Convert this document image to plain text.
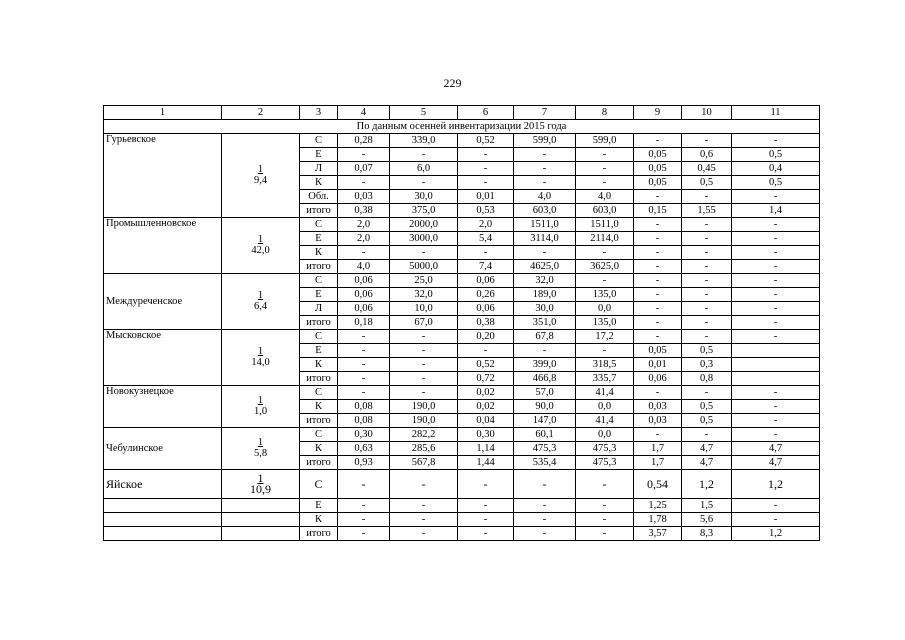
229
1	2	3	4	5	6	7	8	9	10	11
По данным осенней инвентаризации 2015 года										
Гурьевское	$\frac{1}{9,4}$	С	0,28	339,0	0,52	599,0	599,0	-	-	-
		Е	-	-	-	-	-	0,05	0,6	0,5
		Л	0,07	6,0	-	-	-	0,05	0,45	0,4
		К	-	-	-	-	-	0,05	0,5	0,5
		Обл.	0,03	30,0	0,01	4,0	4,0	-	-	-
		итого	0,38	375,0	0,53	603,0	603,0	0,15	1,55	1,4
Промышленновское	$\frac{1}{42,0}$	С	2,0	2000,0	2,0	1511,0	1511,0	-	-	-
		Е	2,0	3000,0	5,4	3114,0	2114,0	-	-	-
		К	-	-	-	-	-	-	-	-
		итого	4,0	5000,0	7,4	4625,0	3625,0	-	-	-
Междуреченское	$\frac{1}{6,4}$	С	0,06	25,0	0,06	32,0	-	-	-	-
		Е	0,06	32,0	0,26	189,0	135,0	-	-	-
		Л	0,06	10,0	0,06	30,0	0,0	-	-	-
		итого	0,18	67,0	0,38	351,0	135,0	-	-	-
Мысковское	$\frac{1}{14,0}$	С	-	-	0,20	67,8	17,2	-	-	-
		Е	-	-	-	-	-	0,05	0,5	
		К	-	-	0,52	399,0	318,5	0,01	0,3	
		итого	-	-	0,72	466,8	335,7	0,06	0,8	
Новокузнецкое	$\frac{1}{1,0}$	С	-	-	0,02	57,0	41,4	-	-	-
		К	0,08	190,0	0,02	90,0	0,0	0,03	0,5	-
		итого	0,08	190,0	0,04	147,0	41,4	0,03	0,5	-
Чебулинское	$\frac{1}{5,8}$	С	0,30	282,2	0,30	60,1	0,0	-	-	-
		К	0,63	285,6	1,14	475,3	475,3	1,7	4,7	4,7
		итого	0,93	567,8	1,44	535,4	475,3	1,7	4,7	4,7
Яйское	$\frac{1}{10,9}$	С	-	-	-	-	-	0,54	1,2	1,2
		Е	-	-	-	-	-	1,25	1,5	-
		К	-	-	-	-	-	1,78	5,6	-
		итого	-	-	-	-	-	3,57	8,3	1,2
